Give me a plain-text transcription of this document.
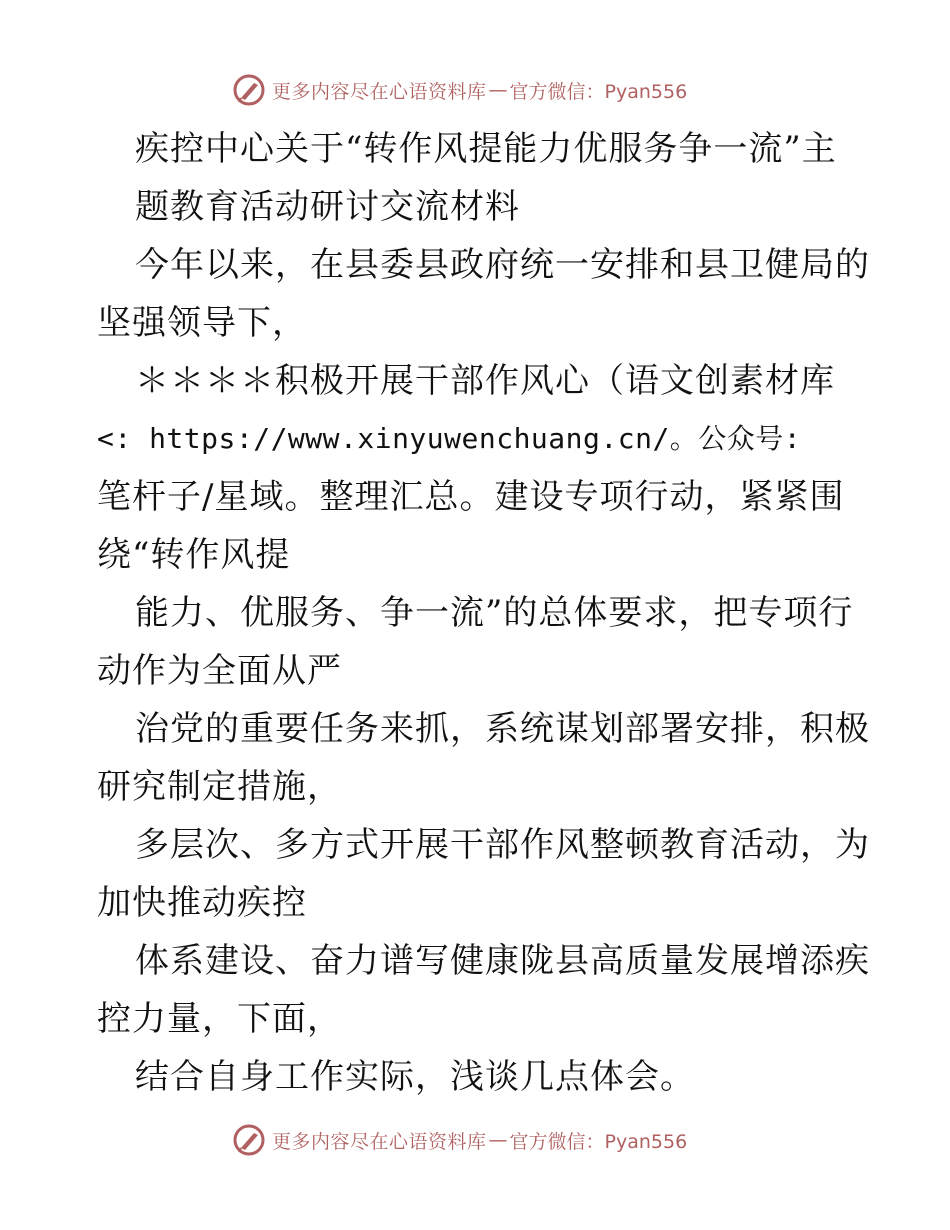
更多内容尽在心语资料库 — 官方微信：Pyan556
疾控中心关于“转作风提能力优服务争一流”主
题教育活动研讨交流材料
今年以来，在县委县政府统一安排和县卫健局的
坚强领导下，
＊＊＊＊积极开展干部作风心（语文创素材库
<: https://www.xinyuwenchuang.cn/。公众号:
笔杆子/星域。整理汇总。建设专项行动，紧紧围
绕“转作风提
能力、优服务、争一流”的总体要求，把专项行
动作为全面从严
治党的重要任务来抓，系统谋划部署安排，积极
研究制定措施，
多层次、多方式开展干部作风整顿教育活动，为
加快推动疾控
体系建设、奋力谱写健康陇县高质量发展增添疾
控力量，下面，
结合自身工作实际，浅谈几点体会。
更多内容尽在心语资料库 — 官方微信：Pyan556
